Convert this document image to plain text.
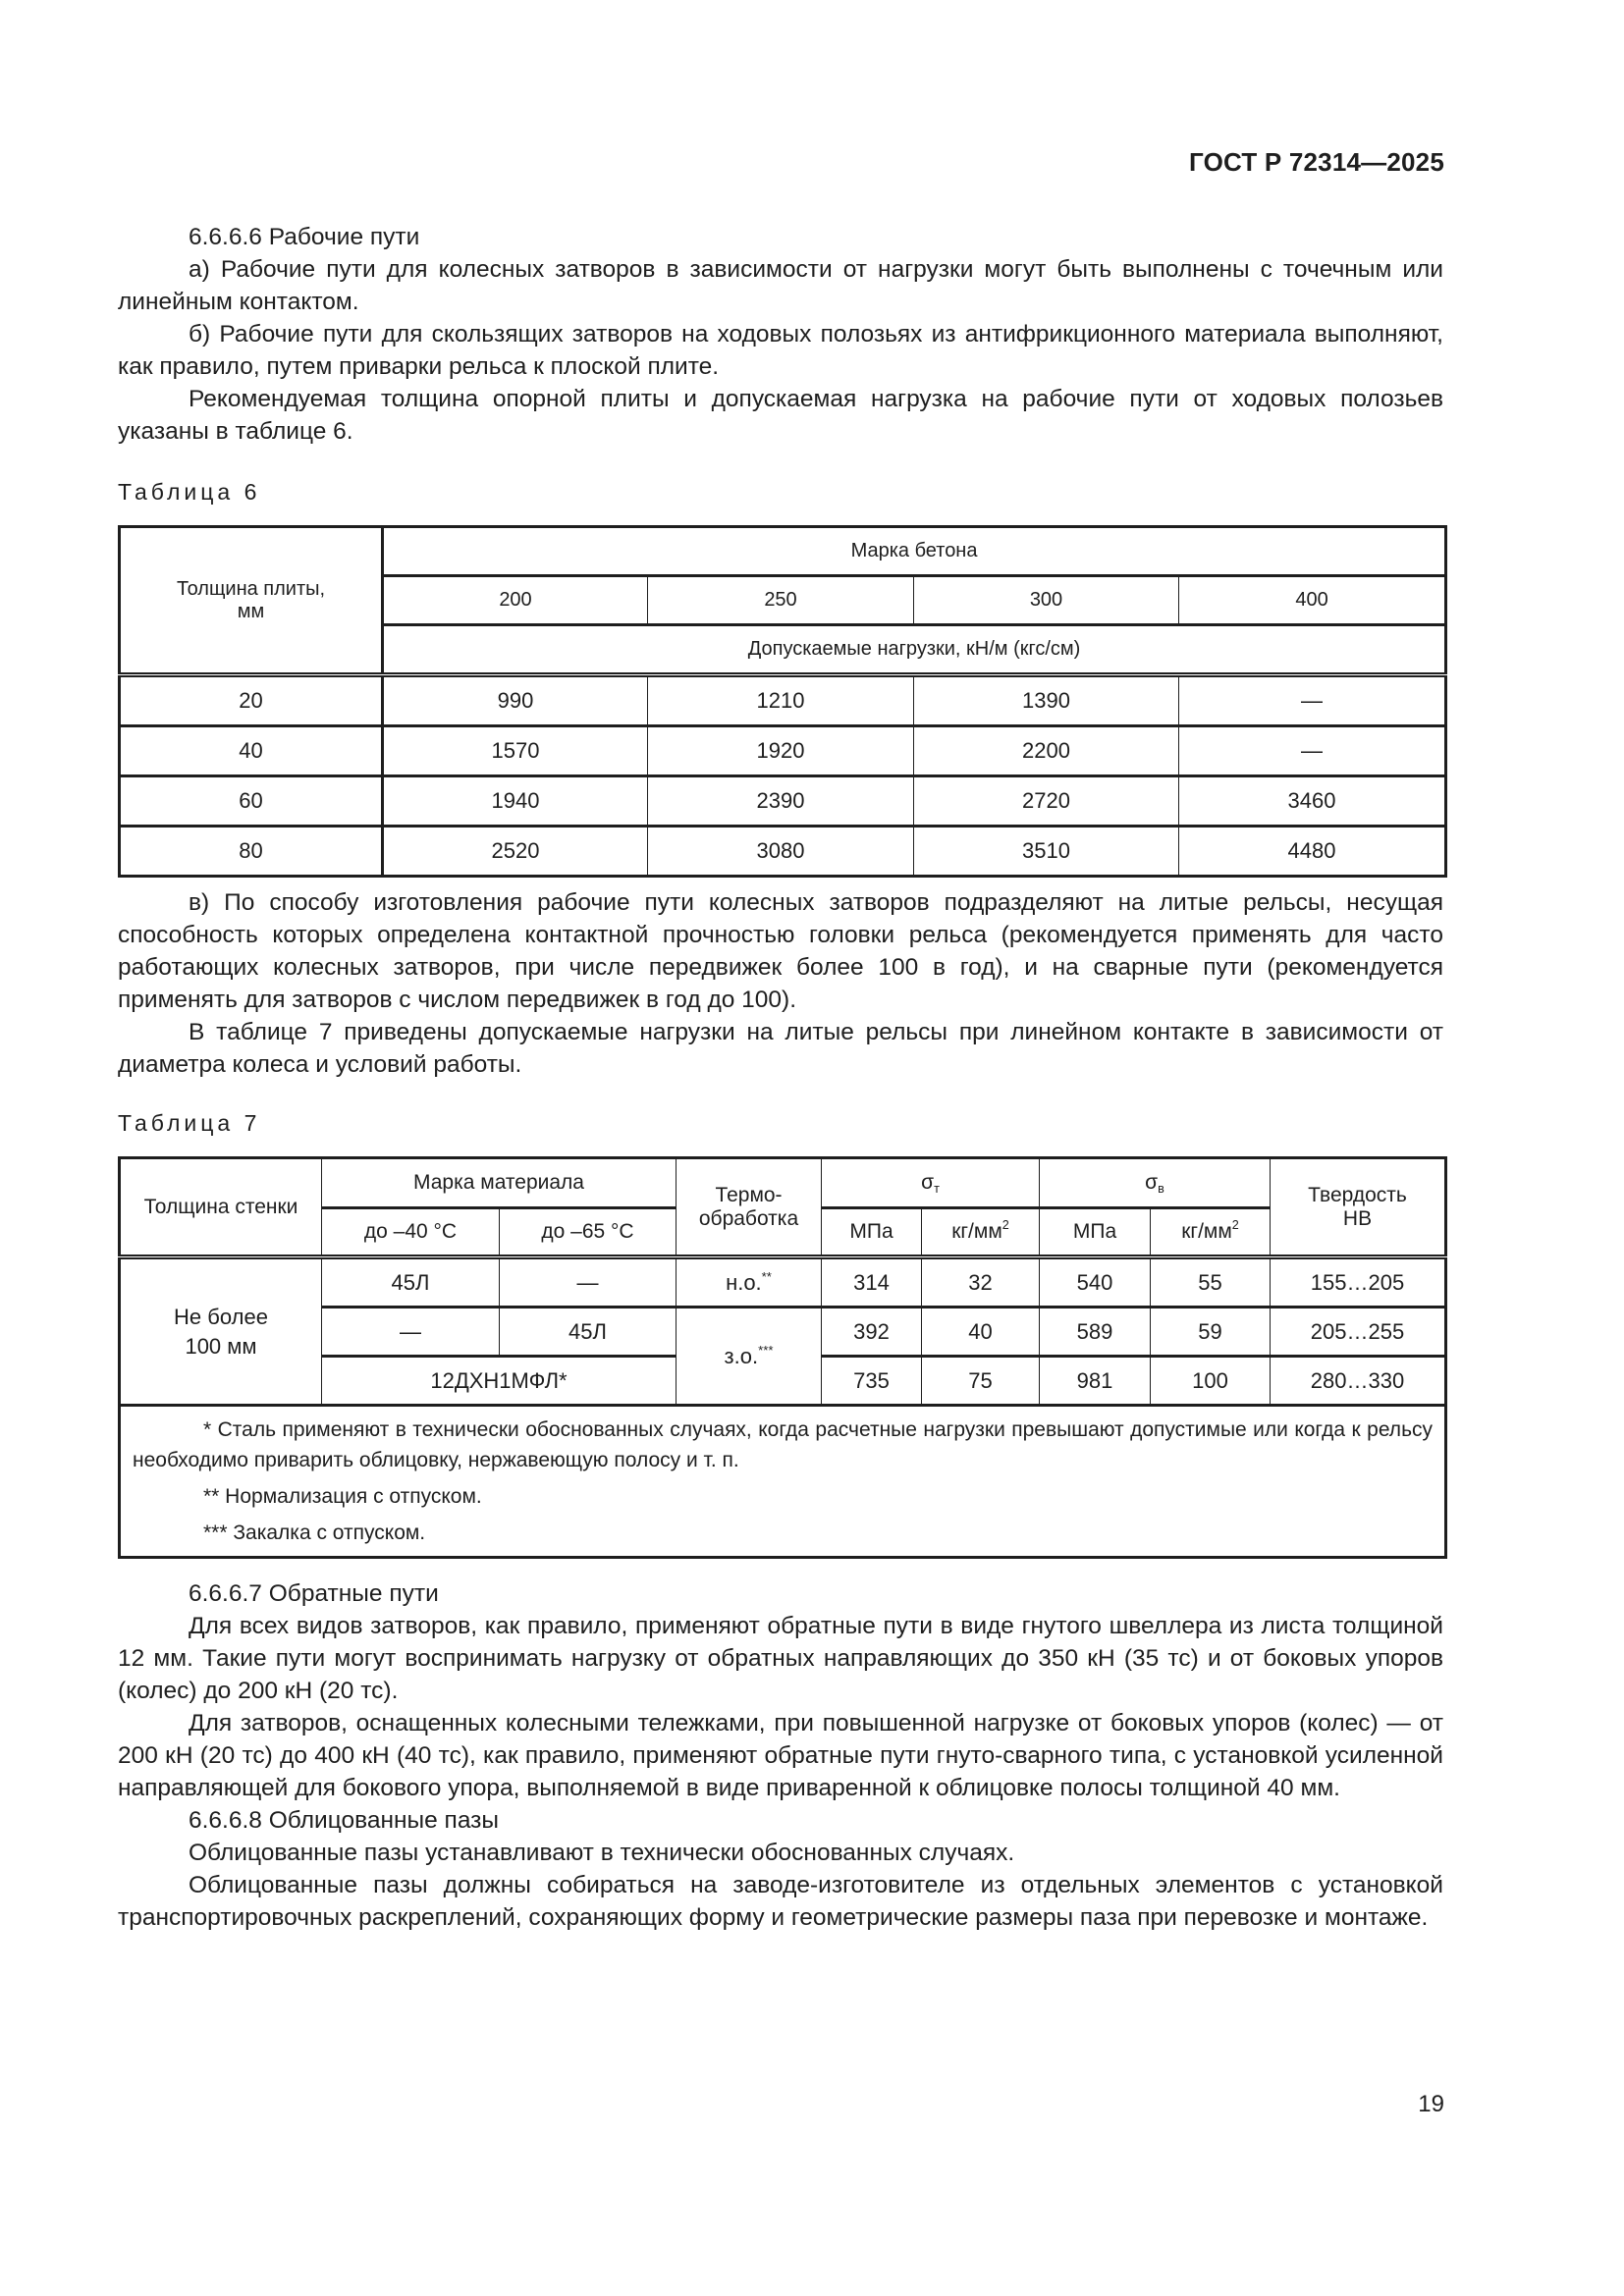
ГОСТ Р 72314—2025

6.6.6.6 Рабочие пути

а) Рабочие пути для колесных затворов в зависимости от нагрузки могут быть выполнены с точечным или линейным контактом.

б) Рабочие пути для скользящих затворов на ходовых полозьях из антифрикционного материала выполняют, как правило, путем приварки рельса к плоской плите.

Рекомендуемая толщина опорной плиты и допускаемая нагрузка на рабочие пути от ходовых полозьев указаны в таблице 6.

Таблица 6
Толщина плиты, мм	Марка бетона			
	200	250	300	400
	Допускаемые нагрузки, кН/м (кгс/см)			
20	990	1210	1390	—
40	1570	1920	2200	—
60	1940	2390	2720	3460
80	2520	3080	3510	4480

в) По способу изготовления рабочие пути колесных затворов подразделяют на литые рельсы, несущая способность которых определена контактной прочностью головки рельса (рекомендуется применять для часто работающих колесных затворов, при числе передвижек более 100 в год), и на сварные пути (рекомендуется применять для затворов с числом передвижек в год до 100).

В таблице 7 приведены допускаемые нагрузки на литые рельсы при линейном контакте в зависимости от диаметра колеса и условий работы.

Таблица 7
Толщина стенки	Марка материала		Термо-обработка	$\sigma_т$		$\sigma_в$		Твердость НВ
	до –40 °С	до –65 °С		МПа	$кг/мм^2$	МПа	$кг/мм^2$
Не более 100 мм	45Л	—	н.о.**	314	32	540	55	155…205
	—	45Л	з.о.***	392	40	589	59	205…255
	12ДХН1МФЛ*			735	75	981	100	280…330

* Сталь применяют в технически обоснованных случаях, когда расчетные нагрузки превышают допустимые или когда к рельсу необходимо приварить облицовку, нержавеющую полосу и т. п.

** Нормализация с отпуском.

*** Закалка с отпуском.								

6.6.6.7 Обратные пути

Для всех видов затворов, как правило, применяют обратные пути в виде гнутого швеллера из листа толщиной 12 мм. Такие пути могут воспринимать нагрузку от обратных направляющих до 350 кН (35 тс) и от боковых упоров (колес) до 200 кН (20 тс).

Для затворов, оснащенных колесными тележками, при повышенной нагрузке от боковых упоров (колес) — от 200 кН (20 тс) до 400 кН (40 тс), как правило, применяют обратные пути гнуто-сварного типа, с установкой усиленной направляющей для бокового упора, выполняемой в виде приваренной к облицовке полосы толщиной 40 мм.

6.6.6.8 Облицованные пазы

Облицованные пазы устанавливают в технически обоснованных случаях.

Облицованные пазы должны собираться на заводе-изготовителе из отдельных элементов с установкой транспортировочных раскреплений, сохраняющих форму и геометрические размеры паза при перевозке и монтаже.

19
